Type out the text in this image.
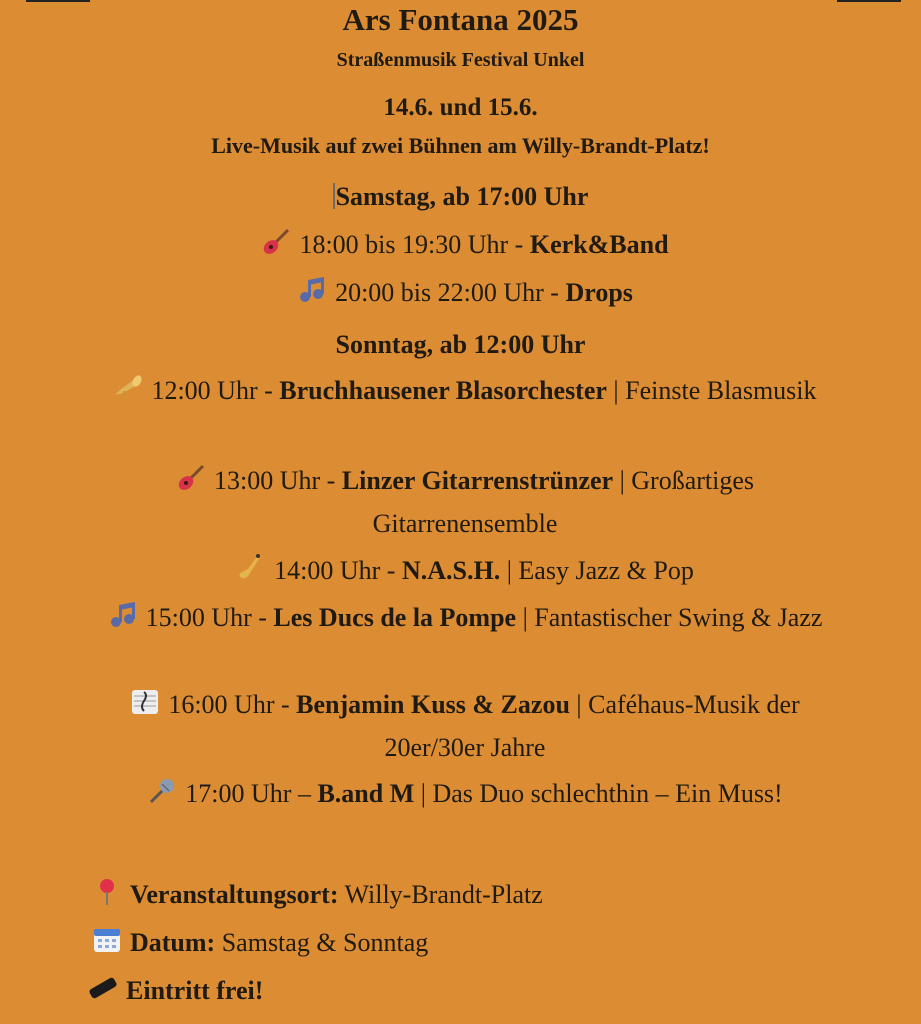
Ars Fontana 2025
Straßenmusik Festival Unkel
14.6. und 15.6.
Live-Musik auf zwei Bühnen am Willy-Brandt-Platz!
Samstag, ab 17:00 Uhr
18:00 bis 19:30 Uhr - Kerk&Band
20:00 bis 22:00 Uhr - Drops
Sonntag, ab 12:00 Uhr
12:00 Uhr - Bruchhausener Blasorchester | Feinste Blasmusik
13:00 Uhr - Linzer Gitarrenstrünzer | Großartiges Gitarrenensemble
14:00 Uhr - N.A.S.H. | Easy Jazz & Pop
15:00 Uhr - Les Ducs de la Pompe | Fantastischer Swing & Jazz
16:00 Uhr - Benjamin Kuss & Zazou | Caféhaus-Musik der 20er/30er Jahre
17:00 Uhr – B.and M | Das Duo schlechthin – Ein Muss!
Veranstaltungsort: Willy-Brandt-Platz
Datum: Samstag & Sonntag
Eintritt frei!
